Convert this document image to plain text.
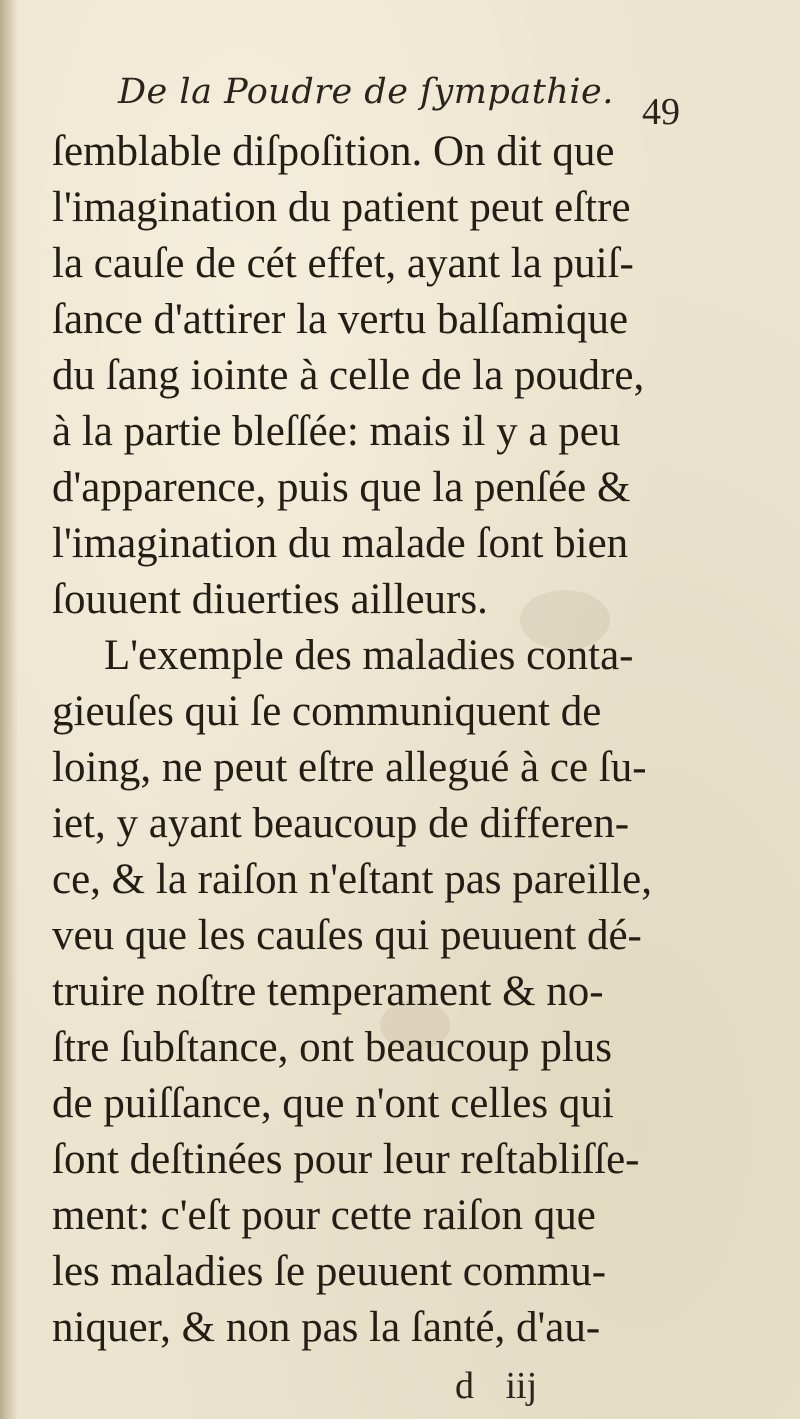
De la Poudre de ſympathie. 49
ſemblable diſpoſition. On dit que
l'imagination du patient peut eſtre
la cauſe de cét effet, ayant la puiſ-
ſance d'attirer la vertu balſamique
du ſang iointe à celle de la poudre,
à la partie bleſſée: mais il y a peu
d'apparence, puis que la penſée &
l'imagination du malade ſont bien
ſouuent diuerties ailleurs.
L'exemple des maladies conta-
gieuſes qui ſe communiquent de
loing, ne peut eſtre allegué à ce ſu-
iet, y ayant beaucoup de differen-
ce, & la raiſon n'eſtant pas pareille,
veu que les cauſes qui peuuent dé-
truire noſtre temperament & no-
ſtre ſubſtance, ont beaucoup plus
de puiſſance, que n'ont celles qui
ſont deſtinées pour leur reſtabliſſe-
ment: c'eſt pour cette raiſon que
les maladies ſe peuuent commu-
niquer, & non pas la ſanté, d'au-
d iij
